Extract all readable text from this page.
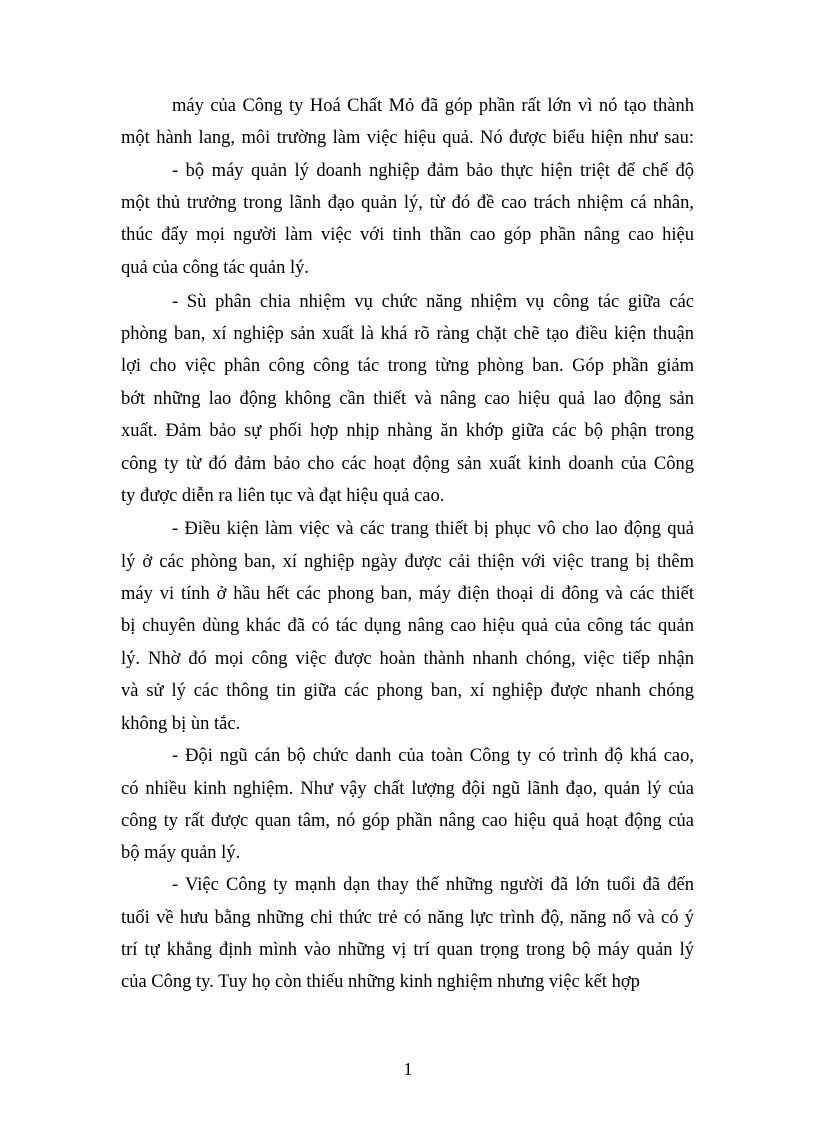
máy của Công ty Hoá Chất Mỏ đã góp phần rất lớn vì nó tạo thành
một hành lang, môi trường làm việc hiệu quả. Nó được biểu hiện như sau:
- bộ máy quản lý doanh nghiệp đảm bảo thực hiện triệt để chế độ
một thủ trưởng trong lãnh đạo quản lý, từ đó đề cao trách nhiệm cá nhân,
thúc đẩy mọi người làm việc với tinh thần cao góp phần nâng cao hiệu
quả của công tác quản lý.
- Sù phân chia nhiệm vụ chức năng nhiệm vụ công tác giữa các
phòng ban, xí nghiệp sản xuất là khá rõ ràng chặt chẽ tạo điều kiện thuận
lợi cho việc phân công công tác trong từng phòng ban. Góp phần giảm
bớt những lao động không cần thiết và nâng cao hiệu quả lao động sản
xuất. Đảm bảo sự phối hợp nhịp nhàng ăn khớp giữa các bộ phận trong
công ty từ đó đảm bảo cho các hoạt động sản xuất kinh doanh của Công
ty được diễn ra liên tục và đạt hiệu quả cao.
- Điều kiện làm việc và các trang thiết bị phục vô cho lao động quả
lý ở các phòng ban, xí nghiệp ngày được cải thiện với việc trang bị thêm
máy vi tính ở hầu hết các phong ban, máy điện thoại di đông và các thiết
bị chuyên dùng khác đã có tác dụng nâng cao hiệu quả của công tác quản
lý. Nhờ đó mọi công việc được hoàn thành nhanh chóng, việc tiếp nhận
và sử lý các thông tin giữa các phong ban, xí nghiệp được nhanh chóng
không bị ùn tắc.
- Đội ngũ cán bộ chức danh của toàn Công ty có trình độ khá cao,
có nhiều kinh nghiệm. Như vậy chất lượng đội ngũ lãnh đạo, quản lý của
công ty rất được quan tâm, nó góp phần nâng cao hiệu quả hoạt động của
bộ máy quản lý.
- Việc Công ty mạnh dạn thay thế những người đã lớn tuổi đã đến
tuổi về hưu bằng những chi thức trẻ có năng lực trình độ, năng nổ và có ý
trí tự khẳng định mình vào những vị trí quan trọng trong bộ máy quản lý
của Công ty. Tuy họ còn thiếu những kinh nghiệm nhưng việc kết hợp
1
